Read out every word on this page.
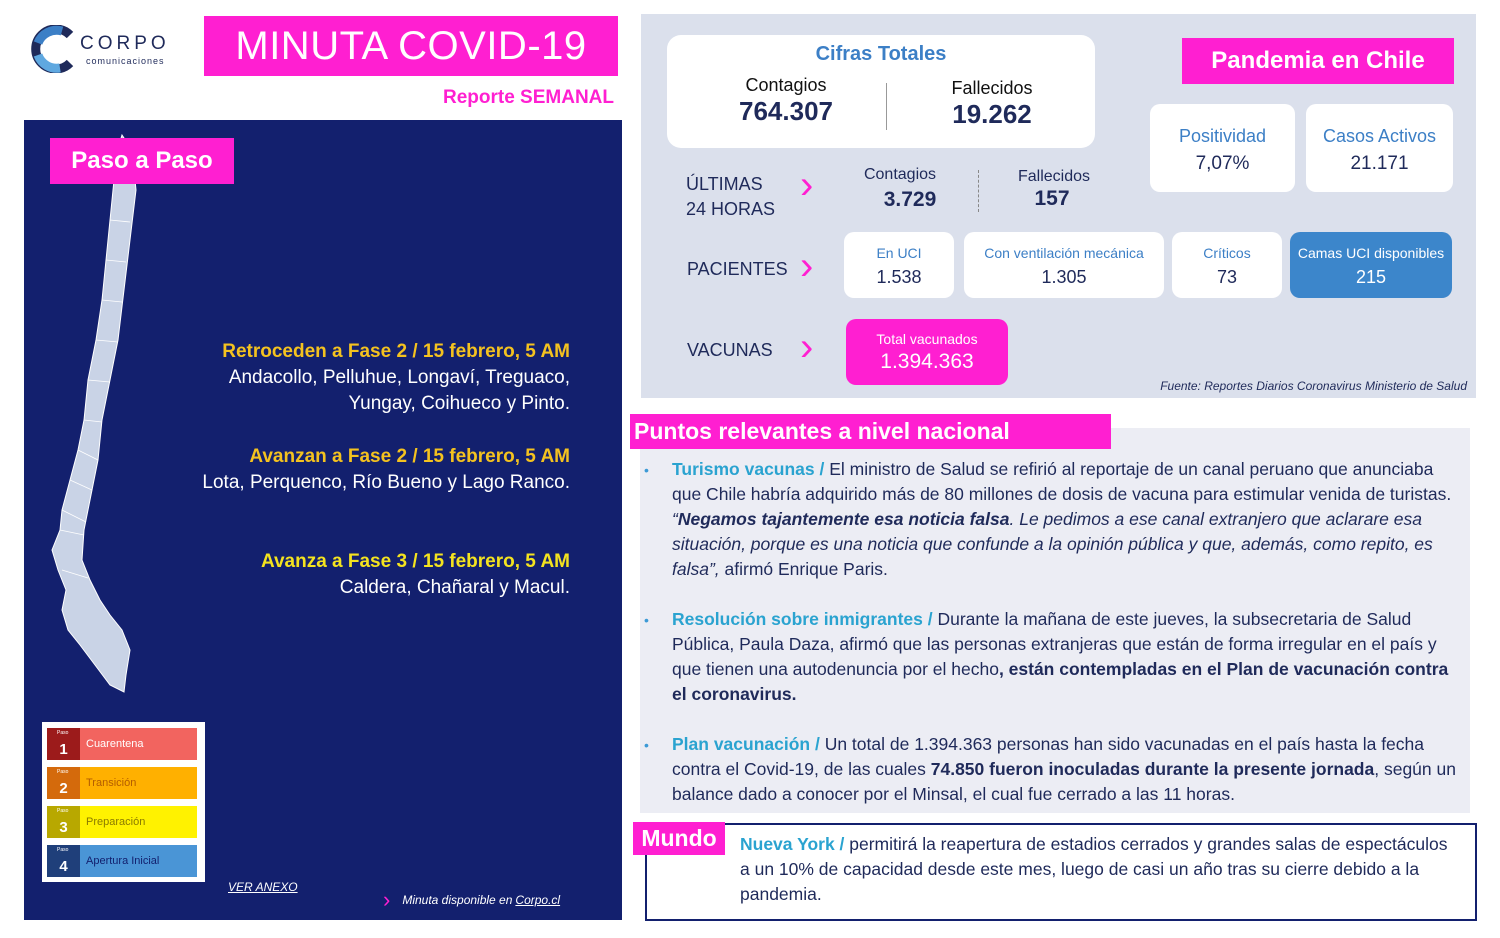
CORPO
comunicaciones	MINUTA COVID-19
Reporte SEMANAL
Paso a Paso
Retroceden a Fase 2 / 15 febrero, 5 AM
Andacollo, Pelluhue, Longaví, Treguaco,
Yungay, Coihueco y Pinto.
Avanzan a Fase 2 / 15 febrero, 5 AM
Lota, Perquenco, Río Bueno y Lago Ranco.
Avanza a Fase 3 / 15 febrero, 5 AM
Caldera, Chañaral y Macul.
Paso
1	Cuarentena
Paso
2	Transición
Paso
3	Preparación
Paso
4	Apertura Inicial
VER ANEXO	› Minuta disponible en Corpo.cl
Cifras Totales
Contagios
764.307
Fallecidos
19.262
Pandemia en Chile
Positividad
7,07%
Casos Activos
21.171
ÚLTIMAS
24 HORAS
›	Contagios
3.729
Fallecidos
157
PACIENTES ›	En UCI
1.538
Con ventilación mecánica
1.305
Críticos
73
Camas UCI disponibles
215
VACUNAS ›	Total vacunados
1.394.363
Fuente: Reportes Diarios Coronavirus Ministerio de Salud
Puntos relevantes a nivel nacional
• Turismo vacunas / El ministro de Salud se refirió al reportaje de un canal peruano que anunciaba que Chile habría adquirido más de 80 millones de dosis de vacuna para estimular venida de turistas. “Negamos tajantemente esa noticia falsa. Le pedimos a ese canal extranjero que aclarare esa situación, porque es una noticia que confunde a la opinión pública y que, además, como repito, es falsa”, afirmó Enrique Paris.
• Resolución sobre inmigrantes / Durante la mañana de este jueves, la subsecretaria de Salud Pública, Paula Daza, afirmó que las personas extranjeras que están de forma irregular en el país y que tienen una autodenuncia por el hecho, están contempladas en el Plan de vacunación contra el coronavirus.
• Plan vacunación / Un total de 1.394.363 personas han sido vacunadas en el país hasta la fecha contra el Covid-19, de las cuales 74.850 fueron inoculadas durante la presente jornada, según un balance dado a conocer por el Minsal, el cual fue cerrado a las 11 horas.
Mundo	Nueva York / permitirá la reapertura de estadios cerrados y grandes salas de espectáculos a un 10% de capacidad desde este mes, luego de casi un año tras su cierre debido a la pandemia.
